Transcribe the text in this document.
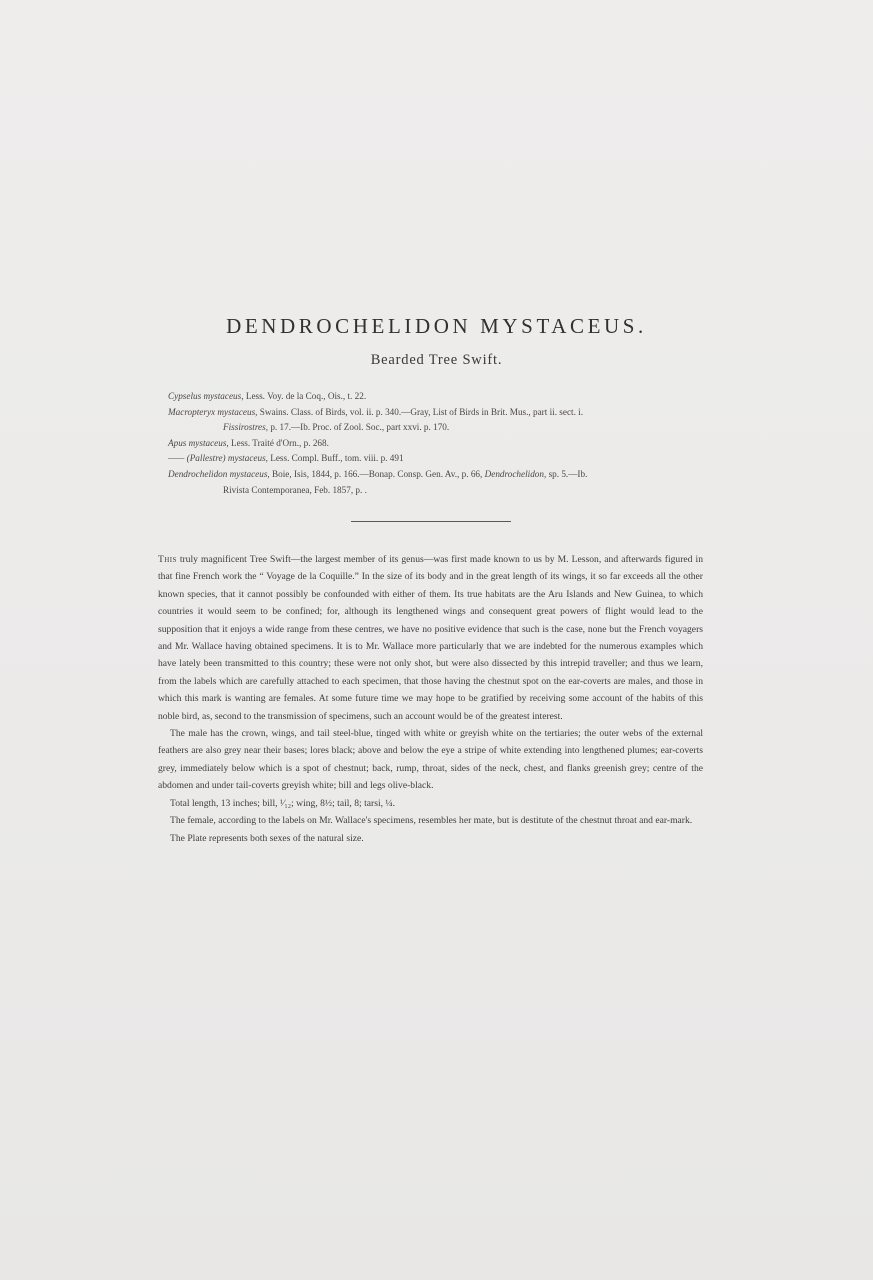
DENDROCHELIDON MYSTACEUS.
Bearded Tree Swift.
Cypselus mystaceus, Less. Voy. de la Coq., Ois., t. 22.
Macropteryx mystaceus, Swains. Class. of Birds, vol. ii. p. 340.—Gray, List of Birds in Brit. Mus., part ii. sect. i.
Fissirostres, p. 17.—Ib. Proc. of Zool. Soc., part xxvi. p. 170.
Apus mystaceus, Less. Traité d'Orn., p. 268.
—— (Pallestre) mystaceus, Less. Compl. Buff., tom. viii. p. 491
Dendrochelidon mystaceus, Boie, Isis, 1844, p. 166.—Bonap. Consp. Gen. Av., p. 66, Dendrochelidon, sp. 5.—Ib.
Rivista Contemporanea, Feb. 1857, p. .

This truly magnificent Tree Swift—the largest member of its genus—was first made known to us by M. Lesson, and afterwards figured in that fine French work the “ Voyage de la Coquille.” In the size of its body and in the great length of its wings, it so far exceeds all the other known species, that it cannot possibly be confounded with either of them. Its true habitats are the Aru Islands and New Guinea, to which countries it would seem to be confined; for, although its lengthened wings and consequent great powers of flight would lead to the supposition that it enjoys a wide range from these centres, we have no positive evidence that such is the case, none but the French voyagers and Mr. Wallace having obtained specimens. It is to Mr. Wallace more particularly that we are indebted for the numerous examples which have lately been transmitted to this country; these were not only shot, but were also dissected by this intrepid traveller; and thus we learn, from the labels which are carefully attached to each specimen, that those having the chestnut spot on the ear-coverts are males, and those in which this mark is wanting are females. At some future time we may hope to be gratified by receiving some account of the habits of this noble bird, as, second to the transmission of specimens, such an account would be of the greatest interest.

The male has the crown, wings, and tail steel-blue, tinged with white or greyish white on the tertiaries; the outer webs of the external feathers are also grey near their bases; lores black; above and below the eye a stripe of white extending into lengthened plumes; ear-coverts grey, immediately below which is a spot of chestnut; back, rump, throat, sides of the neck, chest, and flanks greenish grey; centre of the abdomen and under tail-coverts greyish white; bill and legs olive-black.

Total length, 13 inches; bill, ¹⁄₁₂; wing, 8½; tail, 8; tarsi, ¼.

The female, according to the labels on Mr. Wallace's specimens, resembles her mate, but is destitute of the chestnut throat and ear-mark.

The Plate represents both sexes of the natural size.
